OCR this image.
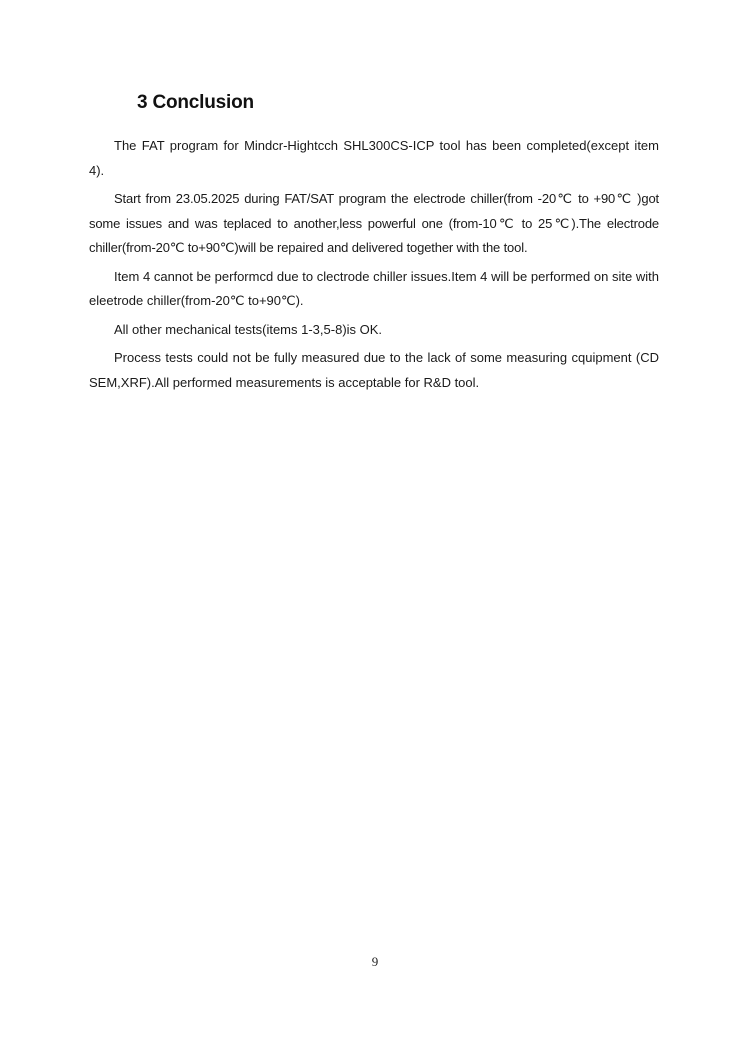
3 Conclusion

The FAT program for Mindcr-Hightcch SHL300CS-ICP tool has been completed(except item 4).

Start from 23.05.2025 during FAT/SAT program the electrode chiller(from -20℃ to +90℃ )got some issues and was teplaced to another,less powerful one (from-10℃ to 25℃).The electrode chiller(from-20℃ to+90℃)will be repaired and delivered together with the tool.

Item 4 cannot be performcd due to clectrode chiller issues.Item 4 will be performed on site with eleetrode chiller(from-20℃ to+90℃).

All other mechanical tests(items 1-3,5-8)is OK.

Process tests could not be fully measured due to the lack of some measuring cquipment (CD SEM,XRF).All performed measurements is acceptable for R&D tool.

9
